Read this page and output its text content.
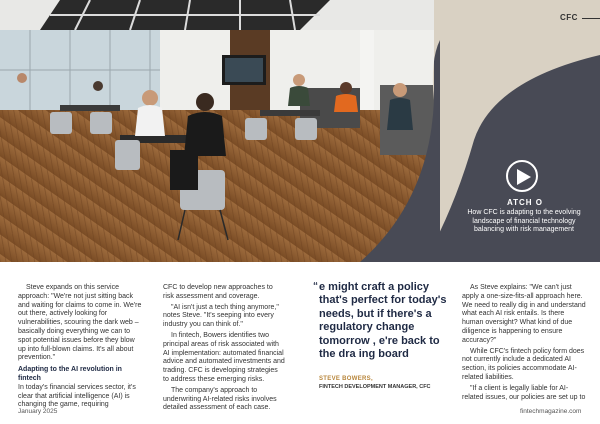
CFC
ATCH O
How CFC is adapting to the evolving landscape of financial technology balancing with risk management

Steve expands on this service approach: "We're not just sitting back and waiting for claims to come in. We're out there, actively looking for vulnerabilities, scouring the dark web – basically doing everything we can to spot potential issues before they blow up into full-blown claims. It's all about prevention."

Adapting to the AI revolution in fintech

In today's financial services sector, it's clear that artificial intelligence (AI) is changing the game, requiring

CFC to develop new approaches to risk assessment and coverage.

"AI isn't just a tech thing anymore," notes Steve. "It's seeping into every industry you can think of."

In fintech, Bowers identifies two principal areas of risk associated with AI implementation: automated financial advice and automated investments and trading. CFC is developing strategies to address these emerging risks.

The company's approach to underwriting AI-related risks involves detailed assessment of each case.

“ e might craft a policy that's perfect for today's needs, but if there's a regulatory change tomorrow , e're back to the dra ing board
STEVE BOWERS,
FINTECH DEVELOPMENT MANAGER, CFC

As Steve explains: "We can't just apply a one-size-fits-all approach here. We need to really dig in and understand what each AI risk entails. Is there human oversight? What kind of due diligence is happening to ensure accuracy?"

While CFC's fintech policy form does not currently include a dedicated AI section, its policies accommodate AI-related liabilities.

"If a client is legally liable for AI-related issues, our policies are set up to

January 2025	fintechmagazine.com
